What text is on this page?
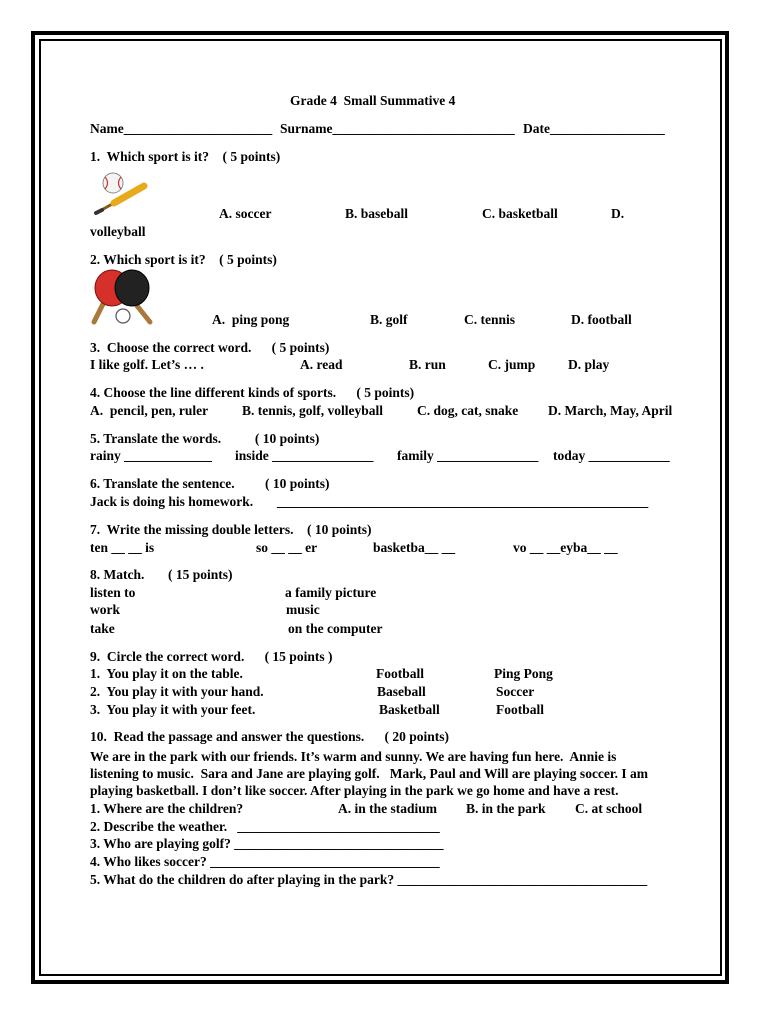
Grade 4  Small Summative 4
Name______________________ Surname___________________________ Date_________________
1.  Which sport is it?    ( 5 points)
A. soccer	B. baseball	C. basketball	D.
volleyball
2. Which sport is it?    ( 5 points)
A.  ping pong	B. golf	C. tennis	D. football
3.  Choose the correct word.      ( 5 points)
I like golf. Let’s … .	A. read	B. run	C. jump D. play
4. Choose the line different kinds of sports.      ( 5 points)
A.  pencil, pen, ruler	B. tennis, golf, volleyball	C. dog, cat, snake D. March, May, April
5. Translate the words.          ( 10 points)
rainy _____________ inside _______________ family _______________ today ____________
6. Translate the sentence.         ( 10 points)
Jack is doing his homework. _______________________________________________________
7.  Write the missing double letters.    ( 10 points)
ten __ __ is	so __ __ er	basketba__ __	vo __ __eyba__ __
8. Match.       ( 15 points)
listen to
work
take
a family picture
music
on the computer
9.  Circle the correct word.      ( 15 points )
1.  You play it on the table.	Football	Ping Pong
2.  You play it with your hand.	Baseball	Soccer
3.  You play it with your feet.	Basketball	Football
10.  Read the passage and answer the questions.      ( 20 points)
We are in the park with our friends. It’s warm and sunny. We are having fun here.  Annie is
listening to music.  Sara and Jane are playing golf.   Mark, Paul and Will are playing soccer. I am
playing basketball. I don’t like soccer. After playing in the park we go home and have a rest.
1. Where are the children?	A. in the stadium B. in the park C. at school
2. Describe the weather.   ______________________________
3. Who are playing golf? _______________________________
4. Who likes soccer? __________________________________
5. What do the children do after playing in the park? _____________________________________
